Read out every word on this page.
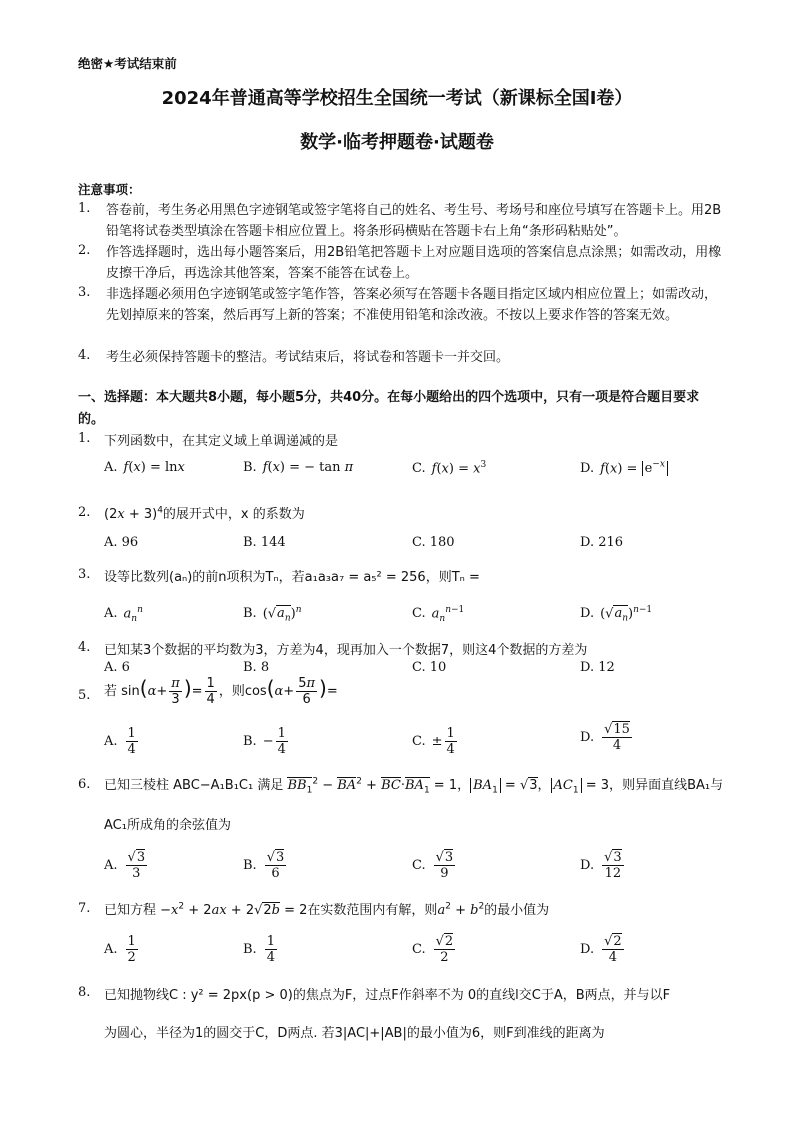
绝密★考试结束前
2024年普通高等学校招生全国统一考试（新课标全国Ⅰ卷）
数学·临考押题卷·试题卷
注意事项：
1. 答卷前，考生务必用黑色字迹钢笔或签字笔将自己的姓名、考生号、考场号和座位号填写在答题卡上。用2B铅笔将试卷类型填涂在答题卡相应位置上。将条形码横贴在答题卡右上角“条形码粘贴处”。
2. 作答选择题时，选出每小题答案后，用2B铅笔把答题卡上对应题目选项的答案信息点涂黑；如需改动，用橡皮擦干净后，再选涂其他答案，答案不能答在试卷上。
3. 非选择题必须用色字迹钢笔或签字笔作答，答案必须写在答题卡各题目指定区域内相应位置上；如需改动，先划掉原来的答案，然后再写上新的答案；不准使用铅笔和涂改液。不按以上要求作答的答案无效。
4. 考生必须保持答题卡的整洁。考试结束后，将试卷和答题卡一并交回。
一、选择题：本大题共8小题，每小题5分，共40分。在每小题给出的四个选项中，只有一项是符合题目要求的。
1. 下列函数中，在其定义域上单调递减的是
A. f(x) = lnx	B. f(x) = − tan π	C. $f(x) = x^3$	D. $f(x) = e^{-x}$
2. $(2x + 3)^4$的展开式中，x 的系数为
A. 96	B. 144	C. 180	D. 216
3. 设等比数列(aₙ)的前n项积为Tₙ，若a₁a₃a₇ = a₅² = 256，则Tₙ =
A. $a_n^n$	B. $(√a_n)^n$	C. $a_n^{n-1}$	D. $(√a_n)^{n-1}$
4. 已知某3个数据的平均数为3，方差为4，现再加入一个数据7，则这4个数据的方差为
A. 6	B. 8	C. 10	D. 12
5. 若 $\sin(\alpha+ \frac{\pi}{3}$ )= $\frac{1}{4}$ ，则$\cos(\alpha+ \frac{5\pi}{6}$ )=
A. $\frac{1}{4}$	B. − $\frac{1}{4}$	C. ± $\frac{1}{4}$	D. $\frac{√15}{4}$
6. 已知三棱柱 ABC−A₁B₁C₁ 满足 $BB_1^2 - BA^2 + BC\cdot BA_1 = 1$， $BA_1 = √3$， $AC_1 = 3$，则异面直线BA₁与
AC₁所成角的余弦值为
A. $\frac{√3}{3}$	B. $\frac{√3}{6}$	C. $\frac{√3}{9}$	D. $\frac{√3}{12}$
7. 已知方程 $-x^2 + 2ax + 2√2b = 2$在实数范围内有解，则$a^2 + b^2$的最小值为
A. $\frac{1}{2}$	B. $\frac{1}{4}$	C. $\frac{√2}{2}$	D. $\frac{√2}{4}$
8. 已知抛物线C : y² = 2px(p > 0)的焦点为F，过点F作斜率不为 0的直线l交C于A，B两点，并与以F
为圆心，半径为1的圆交于C，D两点. 若3|AC|+|AB|的最小值为6，则F到准线的距离为
